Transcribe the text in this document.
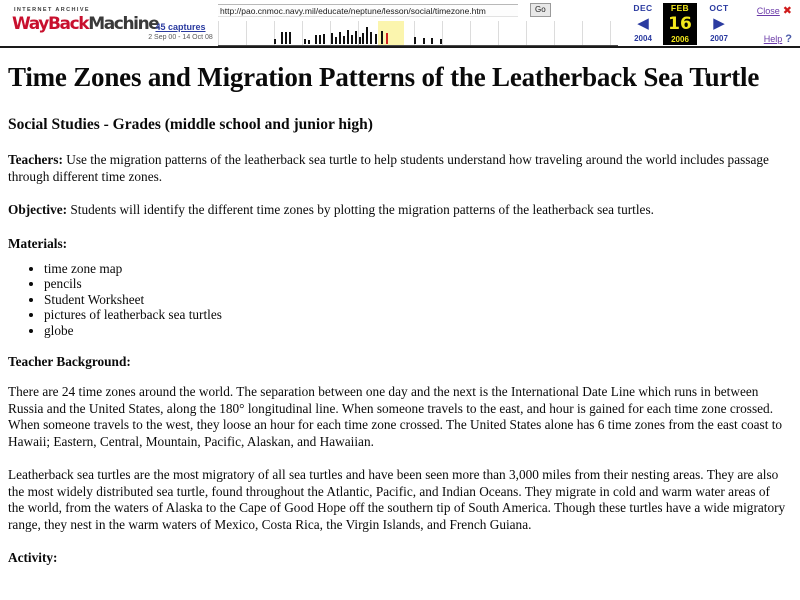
INTERNET ARCHIVE
WayBackMachine
45 captures
2 Sep 00 - 14 Oct 08
http://pao.cnmoc.navy.mil/educate/neptune/lesson/social/timezone.htm
Go	DEC
◀
2004
FEB
16
2006
OCT
▶
2007
Close ✖
Help ?
Time Zones and Migration Patterns of the Leatherback Sea Turtle
Social Studies - Grades (middle school and junior high)

Teachers: Use the migration patterns of the leatherback sea turtle to help students understand how traveling around the world includes passage through different time zones.

Objective: Students will identify the different time zones by plotting the migration patterns of the leatherback sea turtles.

Materials:

• time zone map
• pencils
• Student Worksheet
• pictures of leatherback sea turtles
• globe

Teacher Background:

There are 24 time zones around the world. The separation between one day and the next is the International Date Line which runs in between Russia and the United States, along the 180° longitudinal line. When someone travels to the east, and hour is gained for each time zone crossed. When someone travels to the west, they loose an hour for each time zone crossed. The United States alone has 6 time zones from the east coast to Hawaii; Eastern, Central, Mountain, Pacific, Alaskan, and Hawaiian.

Leatherback sea turtles are the most migratory of all sea turtles and have been seen more than 3,000 miles from their nesting areas. They are also the most widely distributed sea turtle, found throughout the Atlantic, Pacific, and Indian Oceans. They migrate in cold and warm water areas of the world, from the waters of Alaska to the Cape of Good Hope off the southern tip of South America. Though these turtles have a wide migratory range, they nest in the warm waters of Mexico, Costa Rica, the Virgin Islands, and French Guiana.

Activity:
